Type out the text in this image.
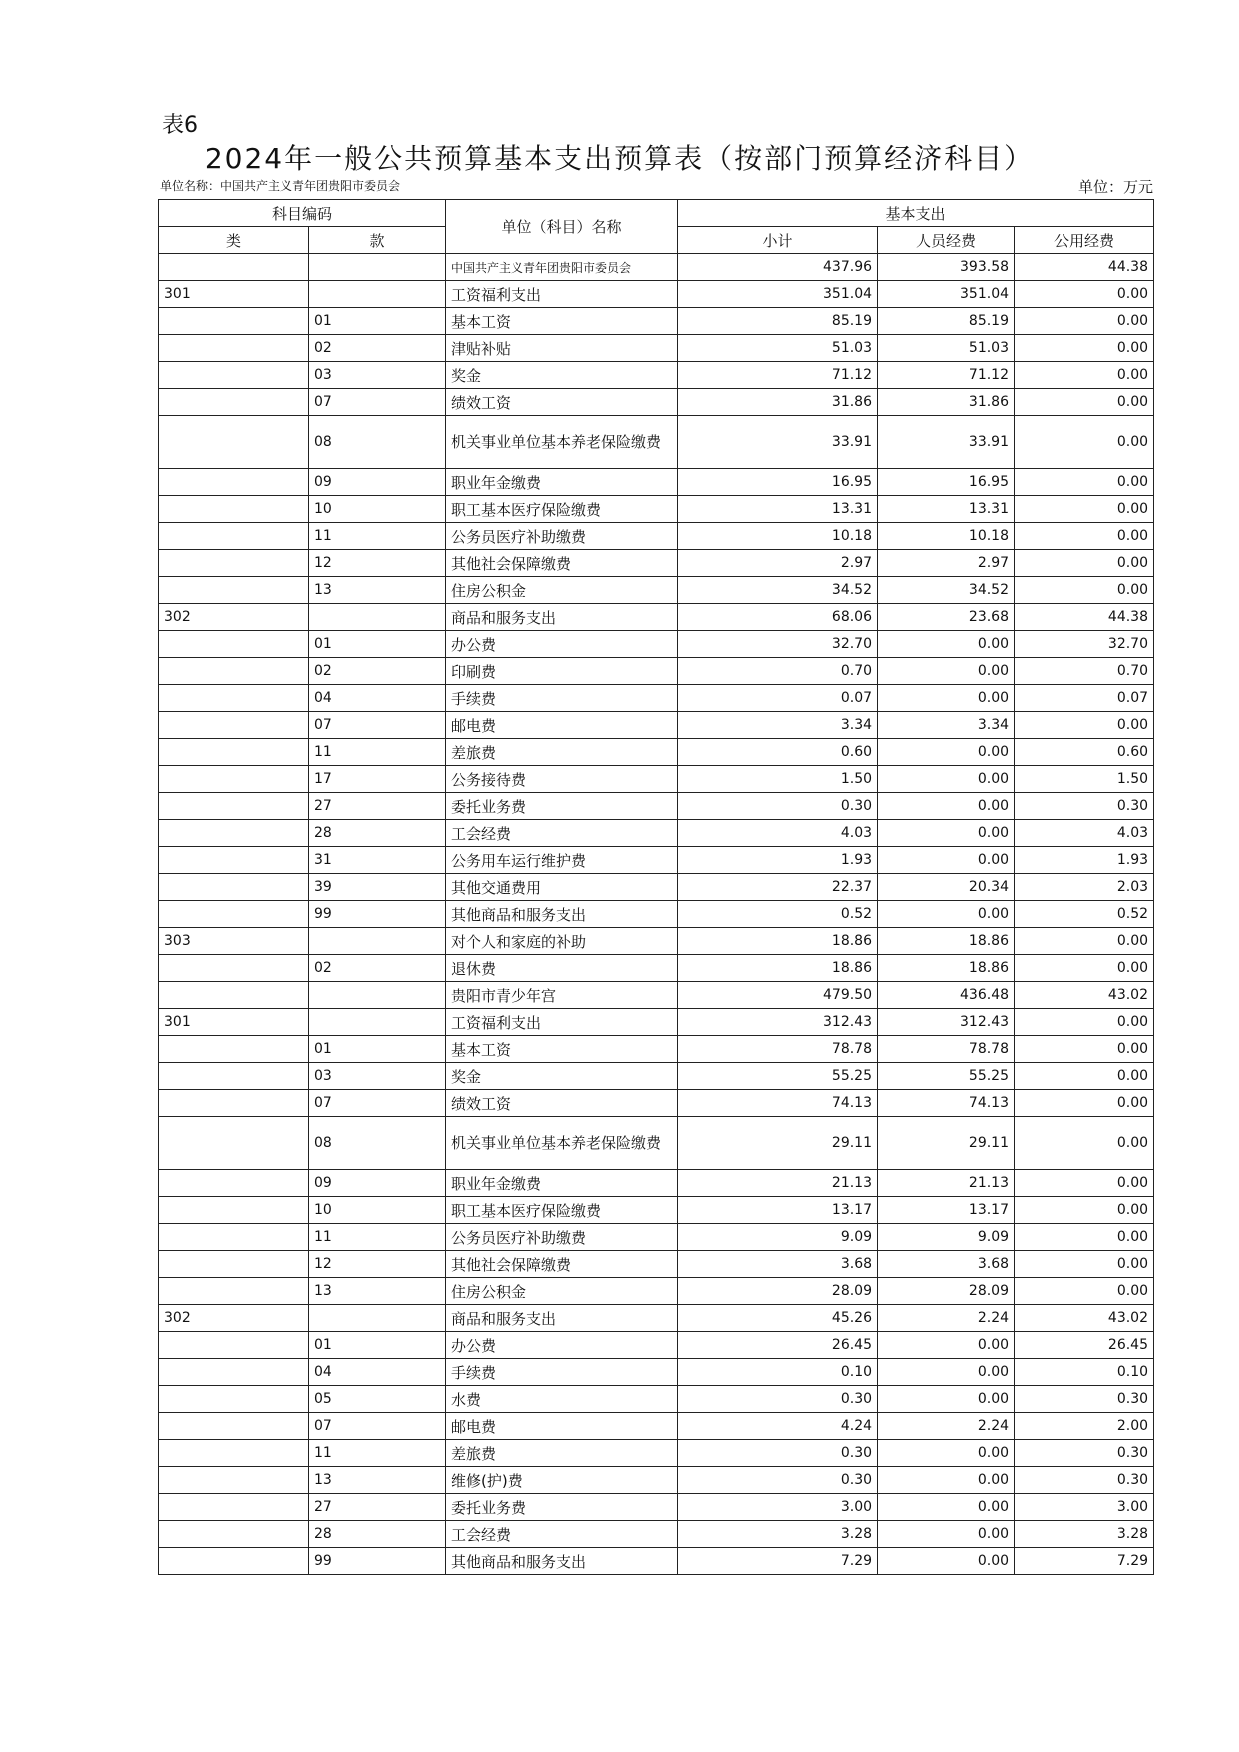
表6
2024年一般公共预算基本支出预算表（按部门预算经济科目）
单位名称：中国共产主义青年团贵阳市委员会	单位：万元
科目编码		单位（科目）名称	基本支出		
类	款		小计	人员经费	公用经费
		中国共产主义青年团贵阳市委员会	437.96	393.58	44.38
301		工资福利支出	351.04	351.04	0.00
	01	基本工资	85.19	85.19	0.00
	02	津贴补贴	51.03	51.03	0.00
	03	奖金	71.12	71.12	0.00
	07	绩效工资	31.86	31.86	0.00
	08	机关事业单位基本养老保险缴费	33.91	33.91	0.00
	09	职业年金缴费	16.95	16.95	0.00
	10	职工基本医疗保险缴费	13.31	13.31	0.00
	11	公务员医疗补助缴费	10.18	10.18	0.00
	12	其他社会保障缴费	2.97	2.97	0.00
	13	住房公积金	34.52	34.52	0.00
302		商品和服务支出	68.06	23.68	44.38
	01	办公费	32.70	0.00	32.70
	02	印刷费	0.70	0.00	0.70
	04	手续费	0.07	0.00	0.07
	07	邮电费	3.34	3.34	0.00
	11	差旅费	0.60	0.00	0.60
	17	公务接待费	1.50	0.00	1.50
	27	委托业务费	0.30	0.00	0.30
	28	工会经费	4.03	0.00	4.03
	31	公务用车运行维护费	1.93	0.00	1.93
	39	其他交通费用	22.37	20.34	2.03
	99	其他商品和服务支出	0.52	0.00	0.52
303		对个人和家庭的补助	18.86	18.86	0.00
	02	退休费	18.86	18.86	0.00
		贵阳市青少年宫	479.50	436.48	43.02
301		工资福利支出	312.43	312.43	0.00
	01	基本工资	78.78	78.78	0.00
	03	奖金	55.25	55.25	0.00
	07	绩效工资	74.13	74.13	0.00
	08	机关事业单位基本养老保险缴费	29.11	29.11	0.00
	09	职业年金缴费	21.13	21.13	0.00
	10	职工基本医疗保险缴费	13.17	13.17	0.00
	11	公务员医疗补助缴费	9.09	9.09	0.00
	12	其他社会保障缴费	3.68	3.68	0.00
	13	住房公积金	28.09	28.09	0.00
302		商品和服务支出	45.26	2.24	43.02
	01	办公费	26.45	0.00	26.45
	04	手续费	0.10	0.00	0.10
	05	水费	0.30	0.00	0.30
	07	邮电费	4.24	2.24	2.00
	11	差旅费	0.30	0.00	0.30
	13	维修(护)费	0.30	0.00	0.30
	27	委托业务费	3.00	0.00	3.00
	28	工会经费	3.28	0.00	3.28
	99	其他商品和服务支出	7.29	0.00	7.29
